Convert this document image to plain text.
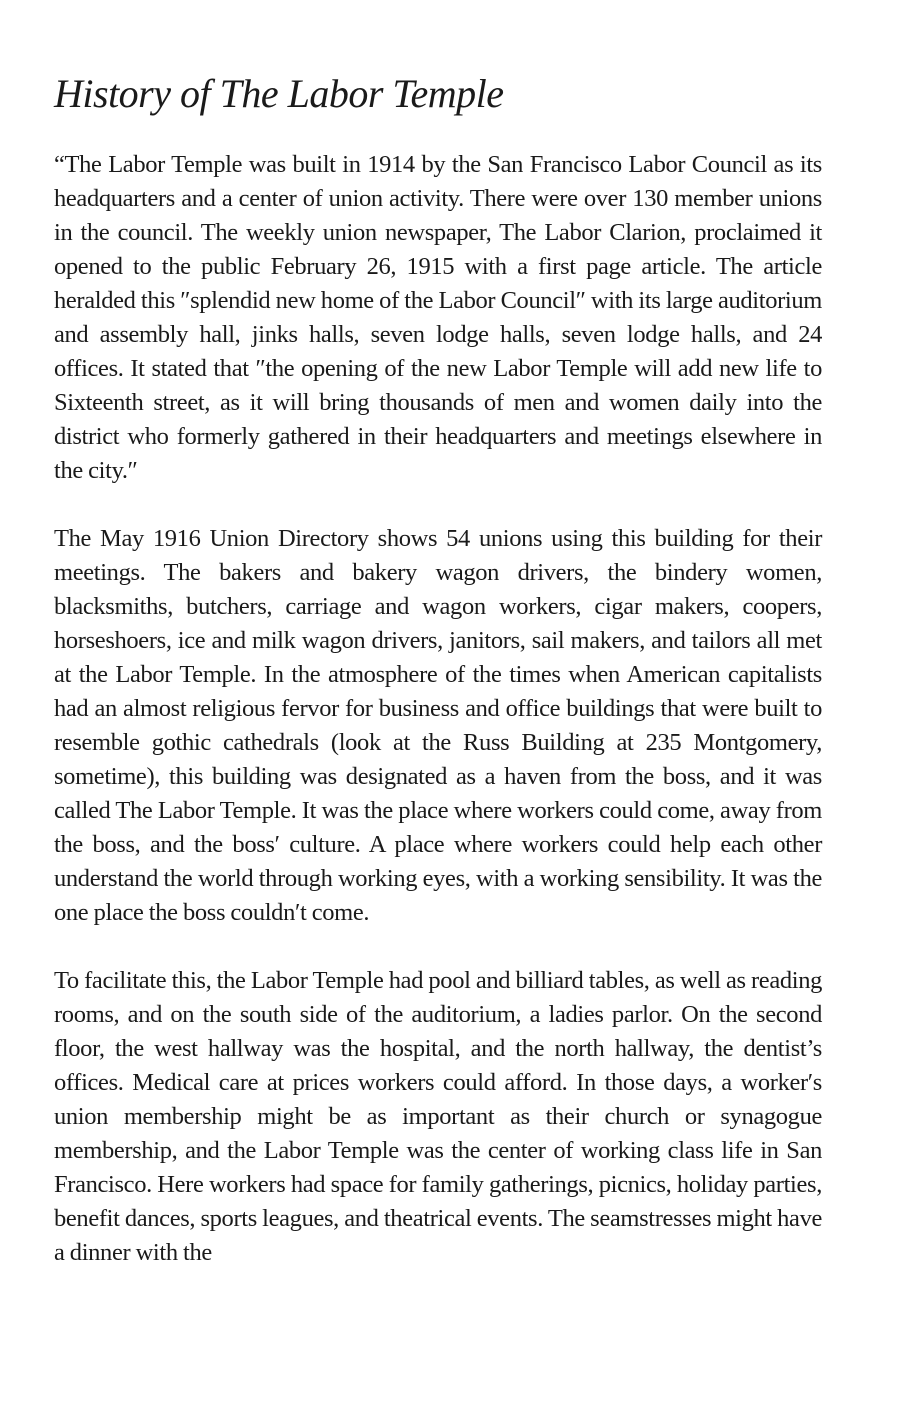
History of The Labor Temple

“The Labor Temple was built in 1914 by the San Francisco Labor Council as its headquarters and a center of union activity. There were over 130 member unions in the council. The weekly union newspaper, The Labor Clarion, proclaimed it opened to the public February 26, 1915 with a first page article. The article heralded this ″splendid new home of the Labor Council″ with its large auditorium and assembly hall, jinks halls, seven lodge halls, seven lodge halls, and 24 offices. It stated that ″the opening of the new Labor Temple will add new life to Sixteenth street, as it will bring thousands of men and women daily into the district who formerly gathered in their headquarters and meetings elsewhere in the city.″

The May 1916 Union Directory shows 54 unions using this building for their meetings. The bakers and bakery wagon drivers, the bindery women, blacksmiths, butchers, carriage and wagon workers, cigar makers, coopers, horseshoers, ice and milk wagon drivers, janitors, sail makers, and tailors all met at the Labor Temple. In the atmosphere of the times when American capitalists had an almost religious fervor for business and office buildings that were built to resemble gothic cathedrals (look at the Russ Building at 235 Montgomery, sometime), this building was designated as a haven from the boss, and it was called The Labor Temple. It was the place where workers could come, away from the boss, and the boss′ culture. A place where workers could help each other understand the world through working eyes, with a working sensibility. It was the one place the boss couldn′t come.

To facilitate this, the Labor Temple had pool and billiard tables, as well as reading rooms, and on the south side of the auditorium, a ladies parlor. On the second floor, the west hallway was the hospital, and the north hallway, the dentist’s offices. Medical care at prices workers could afford. In those days, a worker′s union membership might be as important as their church or synagogue membership, and the Labor Temple was the center of working class life in San Francisco. Here workers had space for family gatherings, picnics, holiday parties, benefit dances, sports leagues, and theatrical events. The seamstresses might have a dinner with the
